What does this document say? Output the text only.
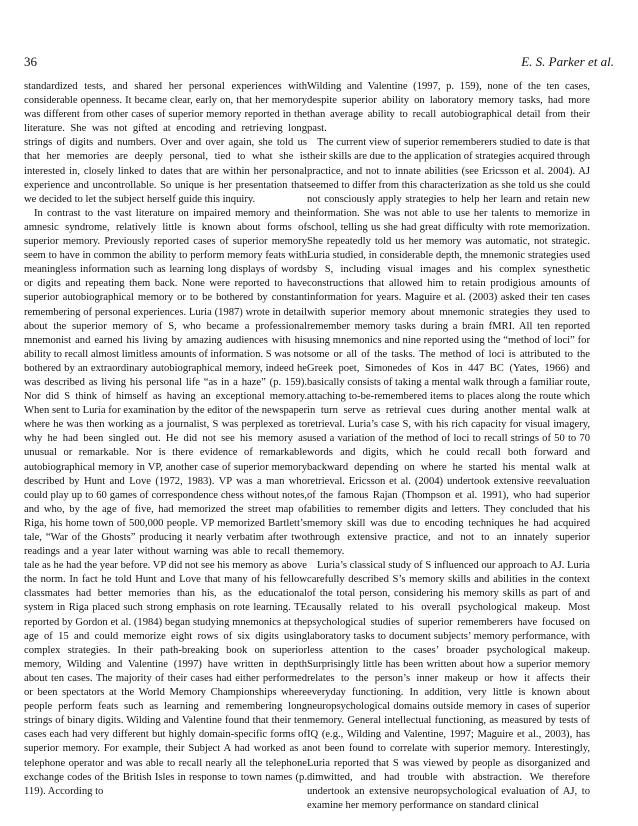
36	E. S. Parker et al.

standardized tests, and shared her personal experiences with considerable openness. It became clear, early on, that her memory was different from other cases of superior memory reported in the literature. She was not gifted at encoding and retrieving long strings of digits and numbers. Over and over again, she told us that her memories are deeply personal, tied to what she is interested in, closely linked to dates that are within her personal experience and uncontrollable. So unique is her presentation that we decided to let the subject herself guide this inquiry.

In contrast to the vast literature on impaired memory and the amnesic syndrome, relatively little is known about forms of superior memory. Previously reported cases of superior memory seem to have in common the ability to perform memory feats with meaningless information such as learning long displays of words or digits and repeating them back. None were reported to have superior autobiographical memory or to be bothered by constant remembering of personal experiences. Luria (1987) wrote in detail about the superior memory of S, who became a professional mnemonist and earned his living by amazing audiences with his ability to recall almost limitless amounts of information. S was not bothered by an extraordinary autobiographical memory, indeed he was described as living his personal life “as in a haze” (p. 159). Nor did S think of himself as having an exceptional memory. When sent to Luria for examination by the editor of the newspaper where he was then working as a journalist, S was perplexed as to why he had been singled out. He did not see his memory as unusual or remarkable. Nor is there evidence of remarkable autobiographical memory in VP, another case of superior memory described by Hunt and Love (1972, 1983). VP was a man who could play up to 60 games of correspondence chess without notes, and who, by the age of five, had memorized the street map of Riga, his home town of 500,000 people. VP memorized Bartlett’s tale, “War of the Ghosts” producing it nearly verbatim after two readings and a year later without warning was able to recall the tale as he had the year before. VP did not see his memory as above the norm. In fact he told Hunt and Love that many of his fellow classmates had better memories than his, as the educational system in Riga placed such strong emphasis on rote learning. TE reported by Gordon et al. (1984) began studying mnemonics at the age of 15 and could memorize eight rows of six digits using complex strategies. In their path-breaking book on superior memory, Wilding and Valentine (1997) have written in depth about ten cases. The majority of their cases had either performed or been spectators at the World Memory Championships where people perform feats such as learning and remembering long strings of binary digits. Wilding and Valentine found that their ten cases each had very different but highly domain-specific forms of superior memory. For example, their Subject A had worked as a telephone operator and was able to recall nearly all the telephone exchange codes of the British Isles in response to town names (p. 119). According to

Wilding and Valentine (1997, p. 159), none of the ten cases, despite superior ability on laboratory memory tasks, had more than average ability to recall autobiographical detail from their past.

The current view of superior rememberers studied to date is that their skills are due to the application of strategies acquired through practice, and not to innate abilities (see Ericsson et al. 2004). AJ seemed to differ from this characterization as she told us she could not consciously apply strategies to help her learn and retain new information. She was not able to use her talents to memorize in school, telling us she had great difficulty with rote memorization. She repeatedly told us her memory was automatic, not strategic. Luria studied, in considerable depth, the mnemonic strategies used by S, including visual images and his complex synesthetic constructions that allowed him to retain prodigious amounts of information for years. Maguire et al. (2003) asked their ten cases with superior memory about mnemonic strategies they used to remember memory tasks during a brain fMRI. All ten reported using mnemonics and nine reported using the “method of loci” for some or all of the tasks. The method of loci is attributed to the Greek poet, Simonedes of Kos in 447 BC (Yates, 1966) and basically consists of taking a mental walk through a familiar route, attaching to-be-remembered items to places along the route which in turn serve as retrieval cues during another mental walk at retrieval. Luria’s case S, with his rich capacity for visual imagery, used a variation of the method of loci to recall strings of 50 to 70 words and digits, which he could recall both forward and backward depending on where he started his mental walk at retrieval. Ericsson et al. (2004) undertook extensive reevaluation of the famous Rajan (Thompson et al. 1991), who had superior abilities to remember digits and letters. They concluded that his memory skill was due to encoding techniques he had acquired through extensive practice, and not to an innately superior memory.

Luria’s classical study of S influenced our approach to AJ. Luria carefully described S’s memory skills and abilities in the context of the total person, considering his memory skills as part of and causally related to his overall psychological makeup. Most psychological studies of superior rememberers have focused on laboratory tasks to document subjects’ memory performance, with less attention to the cases’ broader psychological makeup. Surprisingly little has been written about how a superior memory relates to the person’s inner makeup or how it affects their everyday functioning. In addition, very little is known about neuropsychological domains outside memory in cases of superior memory. General intellectual functioning, as measured by tests of IQ (e.g., Wilding and Valentine, 1997; Maguire et al., 2003), has not been found to correlate with superior memory. Interestingly, Luria reported that S was viewed by people as disorganized and dimwitted, and had trouble with abstraction. We therefore undertook an extensive neuropsychological evaluation of AJ, to examine her memory performance on standard clinical
